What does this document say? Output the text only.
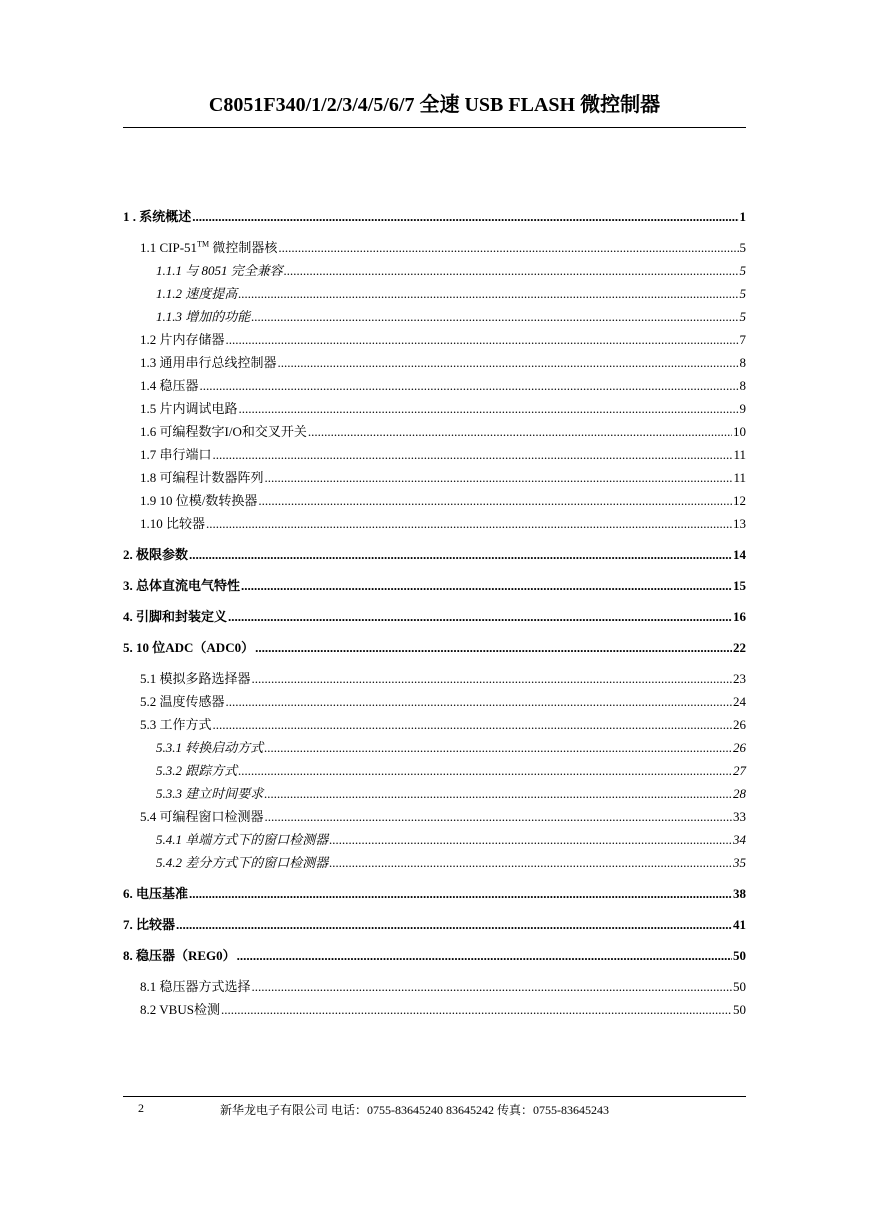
C8051F340/1/2/3/4/5/6/7 全速 USB FLASH 微控制器
1 . 系统概述 .....	1
1.1 CIP-51™ 微控制器核 .....	5
1.1.1 与 8051 完全兼容 .....	5
1.1.2 速度提高 .....	5
1.1.3 增加的功能 .....	5
1.2 片内存储器 .....	7
1.3 通用串行总线控制器 .....	8
1.4 稳压器 .....	8
1.5 片内调试电路 .....	9
1.6 可编程数字I/O和交叉开关 .....	10
1.7 串行端口 .....	11
1.8 可编程计数器阵列 .....	11
1.9 10 位模/数转换器 .....	12
1.10 比较器 .....	13
2. 极限参数 .....	14
3. 总体直流电气特性 .....	15
4. 引脚和封装定义 .....	16
5. 10 位ADC（ADC0） .....	22
5.1 模拟多路选择器 .....	23
5.2 温度传感器 .....	24
5.3 工作方式 .....	26
5.3.1 转换启动方式 .....	26
5.3.2 跟踪方式 .....	27
5.3.3 建立时间要求 .....	28
5.4 可编程窗口检测器 .....	33
5.4.1 单端方式下的窗口检测器 .....	34
5.4.2 差分方式下的窗口检测器 .....	35
6. 电压基准 .....	38
7. 比较器 .....	41
8. 稳压器（REG0） .....	50
8.1 稳压器方式选择 .....	50
8.2 VBUS检测 .....	50
2	新华龙电子有限公司 电话：0755-83645240 83645242 传真：0755-83645243
